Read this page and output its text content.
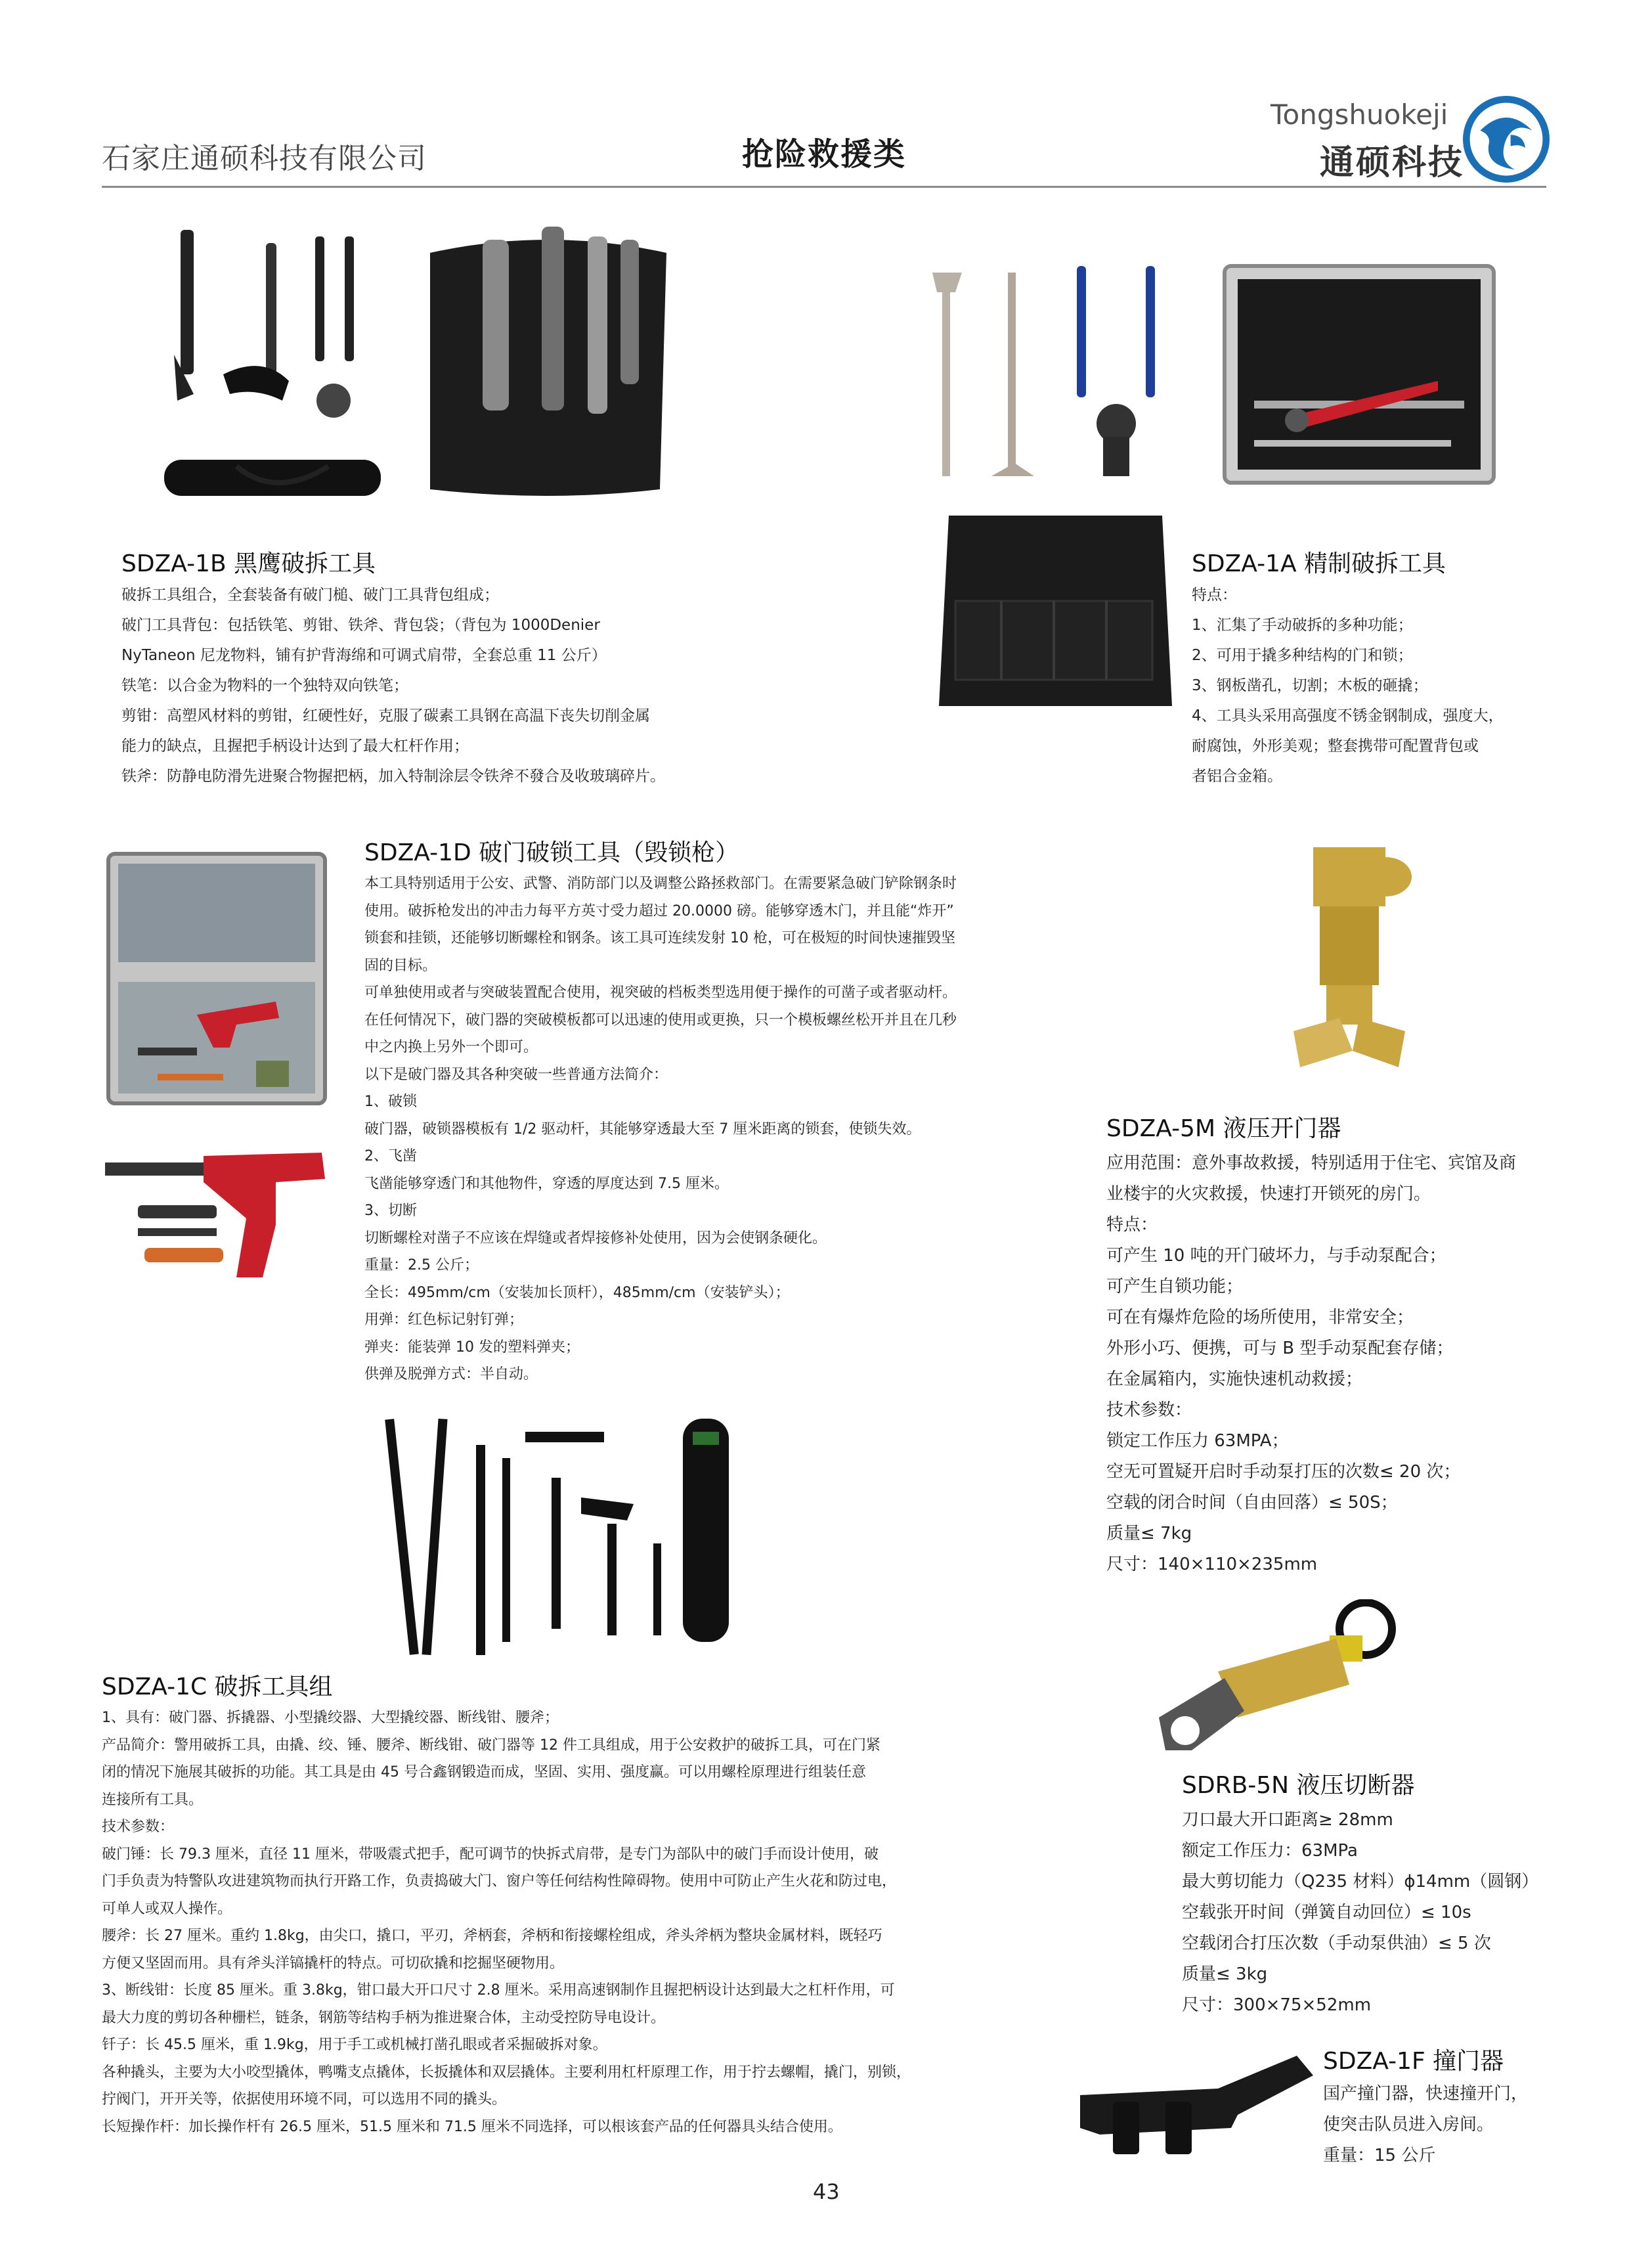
石家庄通硕科技有限公司	抢险救援类
Tongshuokeji
通硕科技
SDZA-1B 黑鹰破拆工具
破拆工具组合，全套装备有破门槌、破门工具背包组成；
破门工具背包：包括铁笔、剪钳、铁斧、背包袋；（背包为 1000Denier
NyTaneon 尼龙物料，铺有护背海绵和可调式肩带，全套总重 11 公斤）
铁笔：以合金为物料的一个独特双向铁笔；
剪钳：高塑风材料的剪钳，红硬性好，克服了碳素工具钢在高温下丧失切削金属
能力的缺点，且握把手柄设计达到了最大杠杆作用；
铁斧：防静电防滑先进聚合物握把柄，加入特制涂层令铁斧不發合及收玻璃碎片。
SDZA-1A 精制破拆工具
特点：
1、汇集了手动破拆的多种功能；
2、可用于撬多种结构的门和锁；
3、钢板凿孔，切割；木板的砸撬；
4、工具头采用高强度不锈金钢制成，强度大，
耐腐蚀，外形美观；整套携带可配置背包或
者铝合金箱。
SDZA-1D 破门破锁工具（毁锁枪）
本工具特别适用于公安、武警、消防部门以及调整公路拯救部门。在需要紧急破门铲除钢条时
使用。破拆枪发出的冲击力每平方英寸受力超过 20.0000 磅。能够穿透木门，并且能“炸开”
锁套和挂锁，还能够切断螺栓和钢条。该工具可连续发射 10 枪，可在极短的时间快速摧毁坚
固的目标。
可单独使用或者与突破装置配合使用，视突破的档板类型选用便于操作的可凿子或者驱动杆。
在任何情况下，破门器的突破模板都可以迅速的使用或更换，只一个模板螺丝松开并且在几秒
中之内换上另外一个即可。
以下是破门器及其各种突破一些普通方法简介：
1、破锁
破门器，破锁器模板有 1/2 驱动杆，其能够穿透最大至 7 厘米距离的锁套，使锁失效。
2、飞凿
飞凿能够穿透门和其他物件，穿透的厚度达到 7.5 厘米。
3、切断
切断螺栓对凿子不应该在焊缝或者焊接修补处使用，因为会使钢条硬化。
重量：2.5 公斤；
全长：495mm/cm（安装加长顶杆），485mm/cm（安装铲头）；
用弹：红色标记射钉弹；
弹夹：能装弹 10 发的塑料弹夹；
供弹及脱弹方式：半自动。
SDZA-5M 液压开门器
应用范围：意外事故救援，特别适用于住宅、宾馆及商
业楼宇的火灾救援，快速打开锁死的房门。
特点：
可产生 10 吨的开门破坏力，与手动泵配合；
可产生自锁功能；
可在有爆炸危险的场所使用，非常安全；
外形小巧、便携，可与 B 型手动泵配套存储；
在金属箱内，实施快速机动救援；
技术参数：
锁定工作压力 63MPA；
空无可置疑开启时手动泵打压的次数≤ 20 次；
空载的闭合时间（自由回落）≤ 50S；
质量≤ 7kg
尺寸：140×110×235mm
SDZA-1C 破拆工具组
1、具有：破门器、拆撬器、小型撬绞器、大型撬绞器、断线钳、腰斧；
产品简介：警用破拆工具，由撬、绞、锤、腰斧、断线钳、破门器等 12 件工具组成，用于公安救护的破拆工具，可在门紧
闭的情况下施展其破拆的功能。其工具是由 45 号合鑫钢锻造而成，坚固、实用、强度赢。可以用螺栓原理进行组装任意
连接所有工具。
技术参数：
破门锤：长 79.3 厘米，直径 11 厘米，带吸震式把手，配可调节的快拆式肩带，是专门为部队中的破门手而设计使用，破
门手负责为特警队攻进建筑物而执行开路工作，负责捣破大门、窗户等任何结构性障碍物。使用中可防止产生火花和防过电，
可单人或双人操作。
腰斧：长 27 厘米。重约 1.8kg，由尖口，撬口，平刃，斧柄套，斧柄和衔接螺栓组成，斧头斧柄为整块金属材料，既轻巧
方便又坚固而用。具有斧头洋镐撬杆的特点。可切砍撬和挖掘坚硬物用。
3、断线钳：长度 85 厘米。重 3.8kg，钳口最大开口尺寸 2.8 厘米。采用高速钢制作且握把柄设计达到最大之杠杆作用，可
最大力度的剪切各种栅栏，链条，钢筋等结构手柄为推进聚合体，主动受控防导电设计。
钎子：长 45.5 厘米，重 1.9kg，用于手工或机械打凿孔眼或者采掘破拆对象。
各种撬头，主要为大小咬型撬体，鸭嘴支点撬体，长扳撬体和双层撬体。主要利用杠杆原理工作，用于拧去螺帽，撬门，别锁，
拧阀门，开开关等，依据使用环境不同，可以选用不同的撬头。
长短操作杆：加长操作杆有 26.5 厘米，51.5 厘米和 71.5 厘米不同选择，可以根该套产品的任何器具头结合使用。
SDRB-5N 液压切断器
刀口最大开口距离≥ 28mm
额定工作压力：63MPa
最大剪切能力（Q235 材料）ɸ14mm（圆钢）
空载张开时间（弹簧自动回位）≤ 10s
空载闭合打压次数（手动泵供油）≤ 5 次
质量≤ 3kg
尺寸：300×75×52mm
SDZA-1F 撞门器
国产撞门器，快速撞开门，
使突击队员进入房间。
重量：15 公斤
43
